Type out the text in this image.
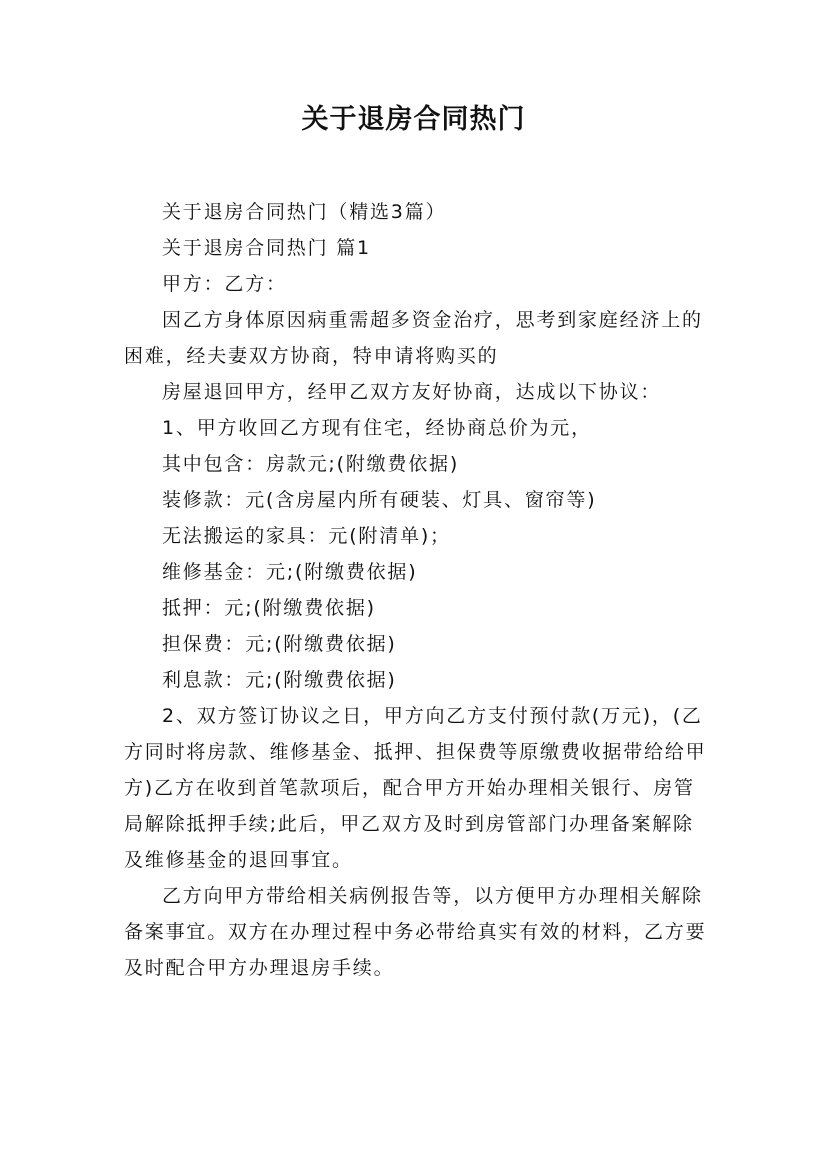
关于退房合同热门

关于退房合同热门（精选3篇）

关于退房合同热门 篇1

甲方：乙方：

因乙方身体原因病重需超多资金治疗，思考到家庭经济上的困难，经夫妻双方协商，特申请将购买的

房屋退回甲方，经甲乙双方友好协商，达成以下协议：

1、甲方收回乙方现有住宅，经协商总价为元，

其中包含：房款元;(附缴费依据)

装修款：元(含房屋内所有硬装、灯具、窗帘等)

无法搬运的家具：元(附清单)；

维修基金：元;(附缴费依据)

抵押：元;(附缴费依据)

担保费：元;(附缴费依据)

利息款：元;(附缴费依据)

2、双方签订协议之日，甲方向乙方支付预付款(万元)，(乙方同时将房款、维修基金、抵押、担保费等原缴费收据带给给甲方)乙方在收到首笔款项后，配合甲方开始办理相关银行、房管局解除抵押手续;此后，甲乙双方及时到房管部门办理备案解除及维修基金的退回事宜。

乙方向甲方带给相关病例报告等，以方便甲方办理相关解除备案事宜。双方在办理过程中务必带给真实有效的材料，乙方要及时配合甲方办理退房手续。
